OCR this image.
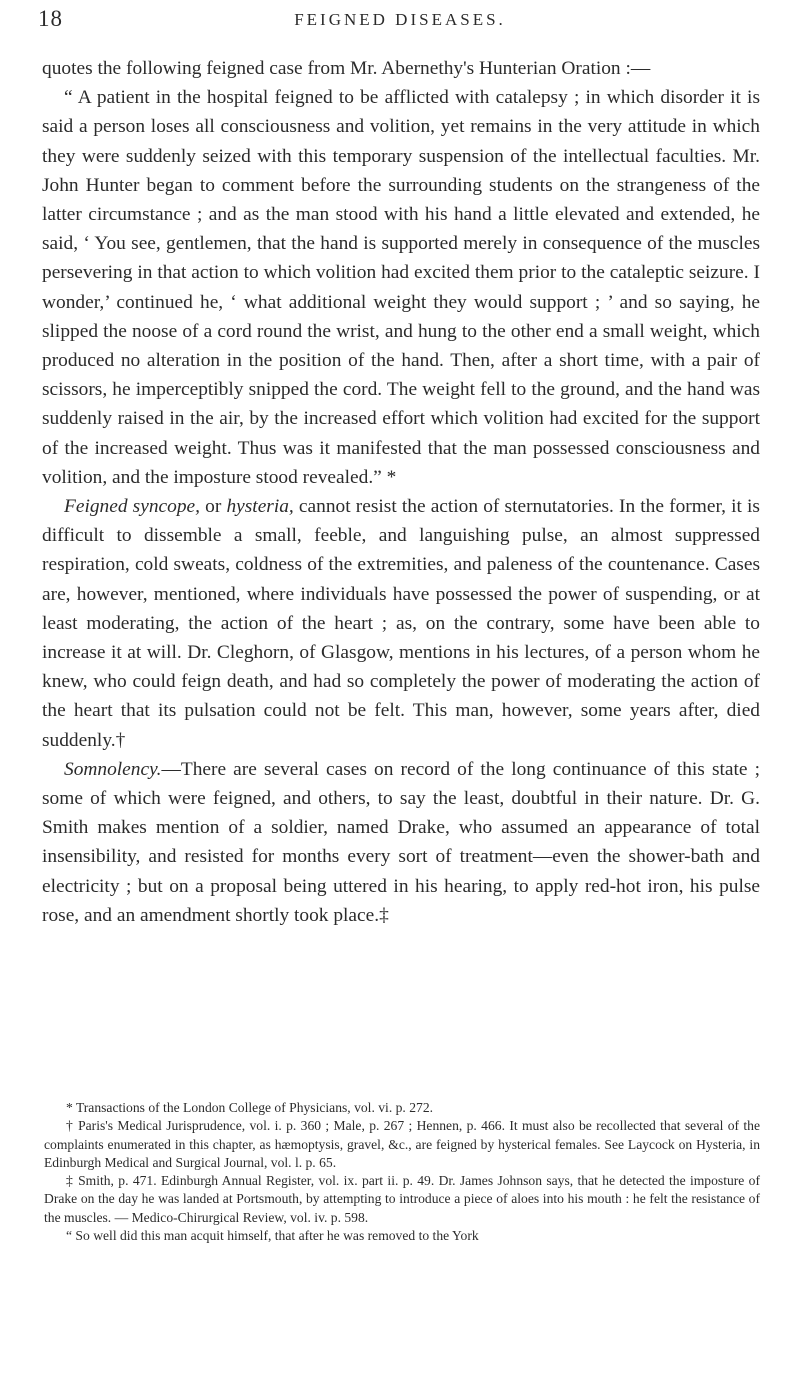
18	FEIGNED DISEASES.

quotes the following feigned case from Mr. Abernethy's Hunterian Oration :—

“ A patient in the hospital feigned to be afflicted with catalepsy ; in which disorder it is said a person loses all consciousness and volition, yet remains in the very attitude in which they were suddenly seized with this temporary suspension of the intellectual faculties. Mr. John Hunter began to comment before the surrounding students on the strangeness of the latter circumstance ; and as the man stood with his hand a little elevated and extended, he said, ‘ You see, gentlemen, that the hand is supported merely in consequence of the muscles persevering in that action to which volition had excited them prior to the cataleptic seizure. I wonder,’ continued he, ‘ what additional weight they would support ; ’ and so saying, he slipped the noose of a cord round the wrist, and hung to the other end a small weight, which produced no alteration in the position of the hand. Then, after a short time, with a pair of scissors, he imperceptibly snipped the cord. The weight fell to the ground, and the hand was suddenly raised in the air, by the increased effort which volition had excited for the support of the increased weight. Thus was it manifested that the man possessed consciousness and volition, and the imposture stood revealed.” *

Feigned syncope, or hysteria, cannot resist the action of sternutatories. In the former, it is difficult to dissemble a small, feeble, and languishing pulse, an almost suppressed respiration, cold sweats, coldness of the extremities, and paleness of the countenance. Cases are, however, mentioned, where individuals have possessed the power of suspending, or at least moderating, the action of the heart ; as, on the contrary, some have been able to increase it at will. Dr. Cleghorn, of Glasgow, mentions in his lectures, of a person whom he knew, who could feign death, and had so completely the power of moderating the action of the heart that its pulsation could not be felt. This man, however, some years after, died suddenly.†

Somnolency.—There are several cases on record of the long continuance of this state ; some of which were feigned, and others, to say the least, doubtful in their nature. Dr. G. Smith makes mention of a soldier, named Drake, who assumed an appearance of total insensibility, and resisted for months every sort of treatment—even the shower-bath and electricity ; but on a proposal being uttered in his hearing, to apply red-hot iron, his pulse rose, and an amendment shortly took place.‡

* Transactions of the London College of Physicians, vol. vi. p. 272.

† Paris's Medical Jurisprudence, vol. i. p. 360 ; Male, p. 267 ; Hennen, p. 466. It must also be recollected that several of the complaints enumerated in this chapter, as hæmoptysis, gravel, &c., are feigned by hysterical females. See Laycock on Hysteria, in Edinburgh Medical and Surgical Journal, vol. l. p. 65.

‡ Smith, p. 471. Edinburgh Annual Register, vol. ix. part ii. p. 49. Dr. James Johnson says, that he detected the imposture of Drake on the day he was landed at Portsmouth, by attempting to introduce a piece of aloes into his mouth : he felt the resistance of the muscles. — Medico-Chirurgical Review, vol. iv. p. 598.

“ So well did this man acquit himself, that after he was removed to the York
